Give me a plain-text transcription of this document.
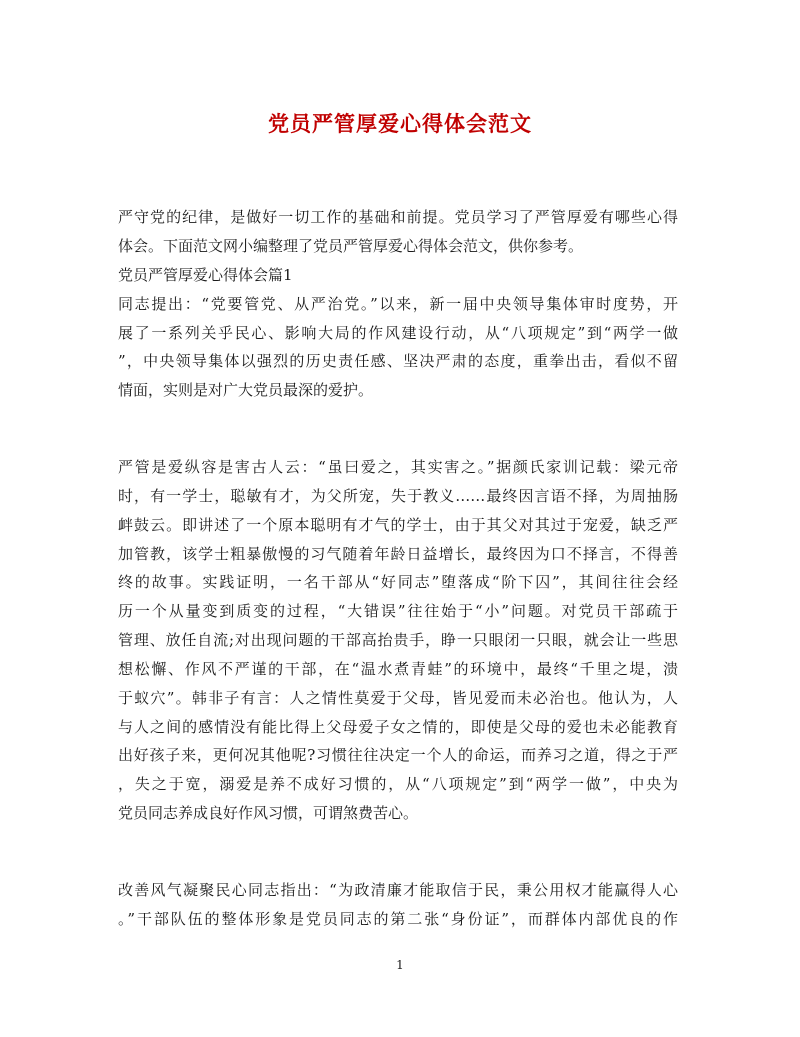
党员严管厚爱心得体会范文
严守党的纪律，是做好一切工作的基础和前提。党员学习了严管厚爱有哪些心得
体会。下面范文网小编整理了党员严管厚爱心得体会范文，供你参考。
党员严管厚爱心得体会篇1
同志提出：“党要管党、从严治党。”以来，新一届中央领导集体审时度势，开
展了一系列关乎民心、影响大局的作风建设行动，从“八项规定”到“两学一做
”，中央领导集体以强烈的历史责任感、坚决严肃的态度，重拳出击，看似不留
情面，实则是对广大党员最深的爱护。
严管是爱纵容是害古人云：“虽曰爱之，其实害之。”据颜氏家训记载：梁元帝
时，有一学士，聪敏有才，为父所宠，失于教义……最终因言语不择，为周抽肠
衅鼓云。即讲述了一个原本聪明有才气的学士，由于其父对其过于宠爱，缺乏严
加管教，该学士粗暴傲慢的习气随着年龄日益增长，最终因为口不择言，不得善
终的故事。实践证明，一名干部从“好同志”堕落成“阶下囚”，其间往往会经
历一个从量变到质变的过程，“大错误”往往始于“小”问题。对党员干部疏于
管理、放任自流;对出现问题的干部高抬贵手，睁一只眼闭一只眼，就会让一些思
想松懈、作风不严谨的干部，在“温水煮青蛙”的环境中，最终“千里之堤，溃
于蚁穴”。韩非子有言：人之情性莫爱于父母，皆见爱而未必治也。他认为，人
与人之间的感情没有能比得上父母爱子女之情的，即使是父母的爱也未必能教育
出好孩子来，更何况其他呢?习惯往往决定一个人的命运，而养习之道，得之于严
，失之于宽，溺爱是养不成好习惯的，从“八项规定”到“两学一做”，中央为
党员同志养成良好作风习惯，可谓煞费苦心。
改善风气凝聚民心同志指出：“为政清廉才能取信于民，秉公用权才能赢得人心
。”干部队伍的整体形象是党员同志的第二张“身份证”，而群体内部优良的作
1
